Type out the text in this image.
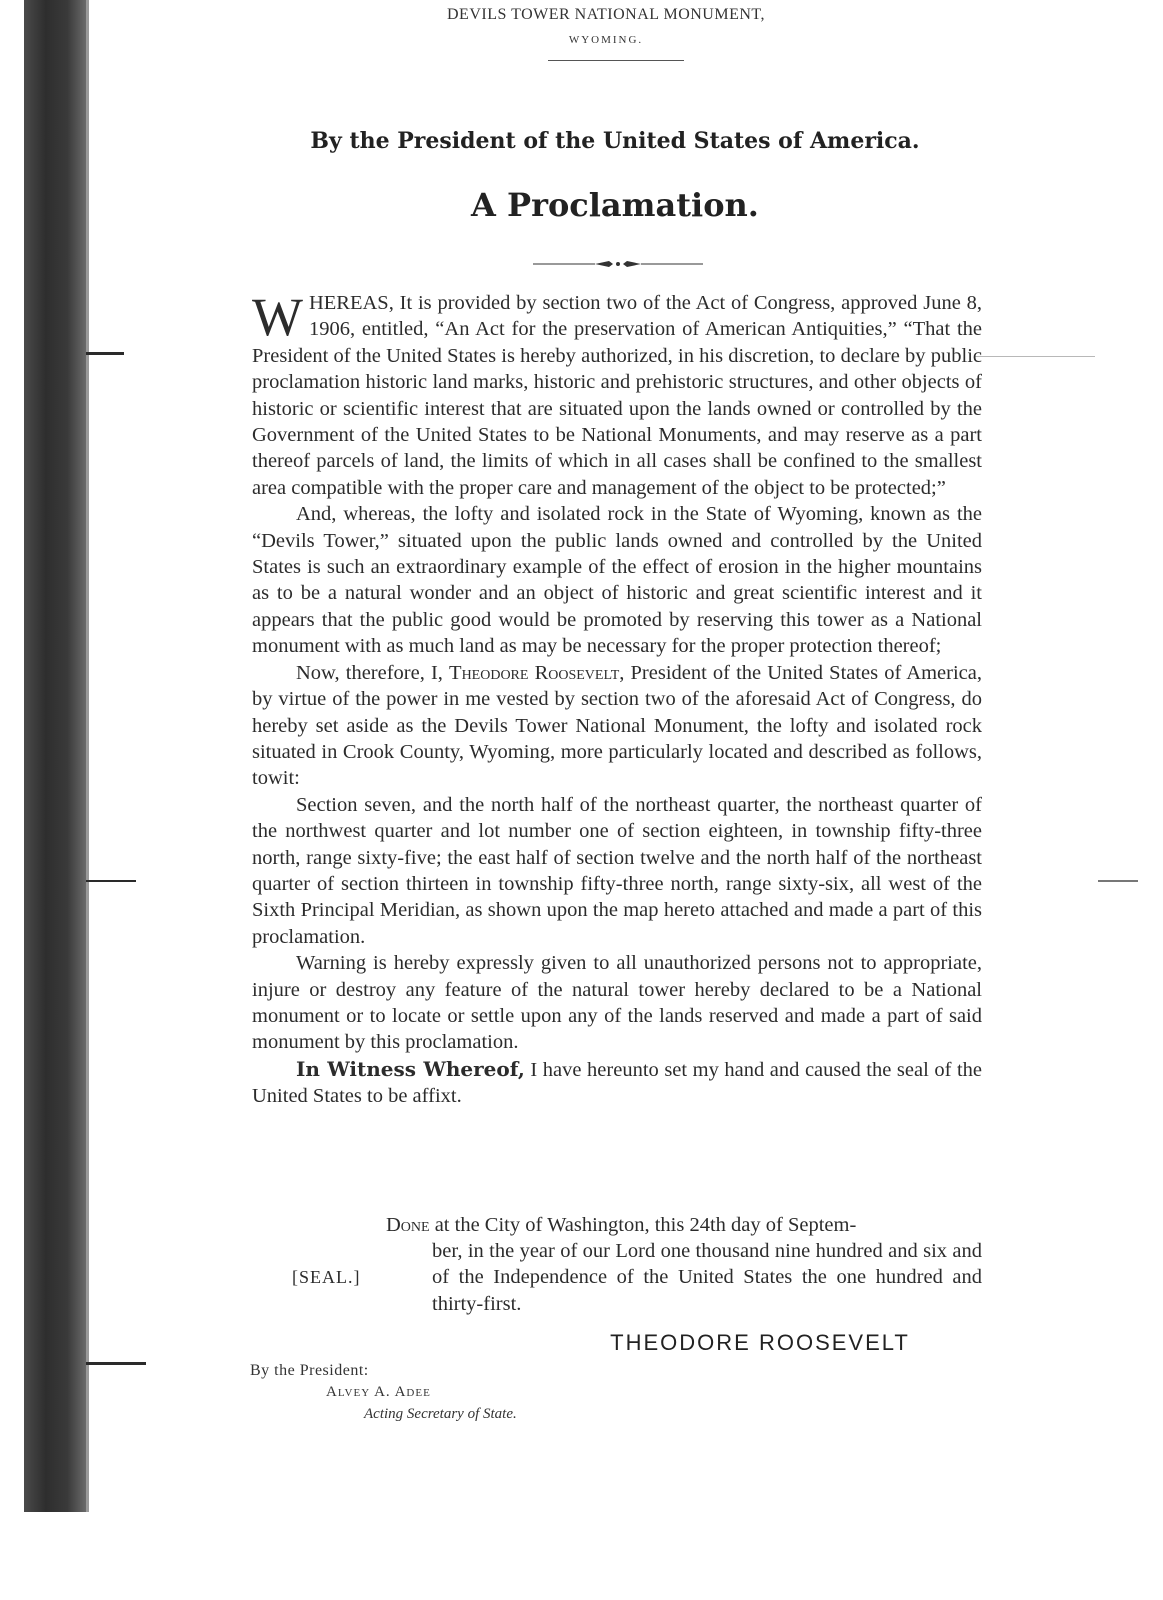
DEVILS TOWER NATIONAL MONUMENT,
WYOMING.
By the President of the United States of America.
A Proclamation.

WHEREAS, It is provided by section two of the Act of Congress, approved June 8, 1906, entitled, “An Act for the preservation of American Antiquities,” “That the President of the United States is hereby authorized, in his discretion, to declare by public proclamation historic land marks, historic and prehistoric structures, and other objects of historic or scientific interest that are situated upon the lands owned or controlled by the Government of the United States to be National Monuments, and may reserve as a part thereof parcels of land, the limits of which in all cases shall be confined to the smallest area compatible with the proper care and management of the object to be protected;”

And, whereas, the lofty and isolated rock in the State of Wyoming, known as the “Devils Tower,” situated upon the public lands owned and controlled by the United States is such an extraordinary example of the effect of erosion in the higher mountains as to be a natural wonder and an object of historic and great scientific interest and it appears that the public good would be promoted by reserving this tower as a National monument with as much land as may be necessary for the proper protection thereof;

Now, therefore, I, Theodore Roosevelt, President of the United States of America, by virtue of the power in me vested by section two of the aforesaid Act of Congress, do hereby set aside as the Devils Tower National Monument, the lofty and isolated rock situated in Crook County, Wyoming, more particularly located and described as follows, towit:

Section seven, and the north half of the northeast quarter, the northeast quarter of the northwest quarter and lot number one of section eighteen, in township fifty-three north, range sixty-five; the east half of section twelve and the north half of the northeast quarter of section thirteen in township fifty-three north, range sixty-six, all west of the Sixth Principal Meridian, as shown upon the map hereto attached and made a part of this proclamation.

Warning is hereby expressly given to all unauthorized persons not to appropriate, injure or destroy any feature of the natural tower hereby declared to be a National monument or to locate or settle upon any of the lands reserved and made a part of said monument by this proclamation.

In Witness Whereof, I have hereunto set my hand and caused the seal of the United States to be affixt.

Done at the City of Washington, this 24th day of Septem-
ber, in the year of our Lord one thousand nine hundred and six and of the Independence of the United States the one hundred and thirty-first.
[SEAL.]
THEODORE ROOSEVELT
By the President:
Alvey A. Adee
Acting Secretary of State.
